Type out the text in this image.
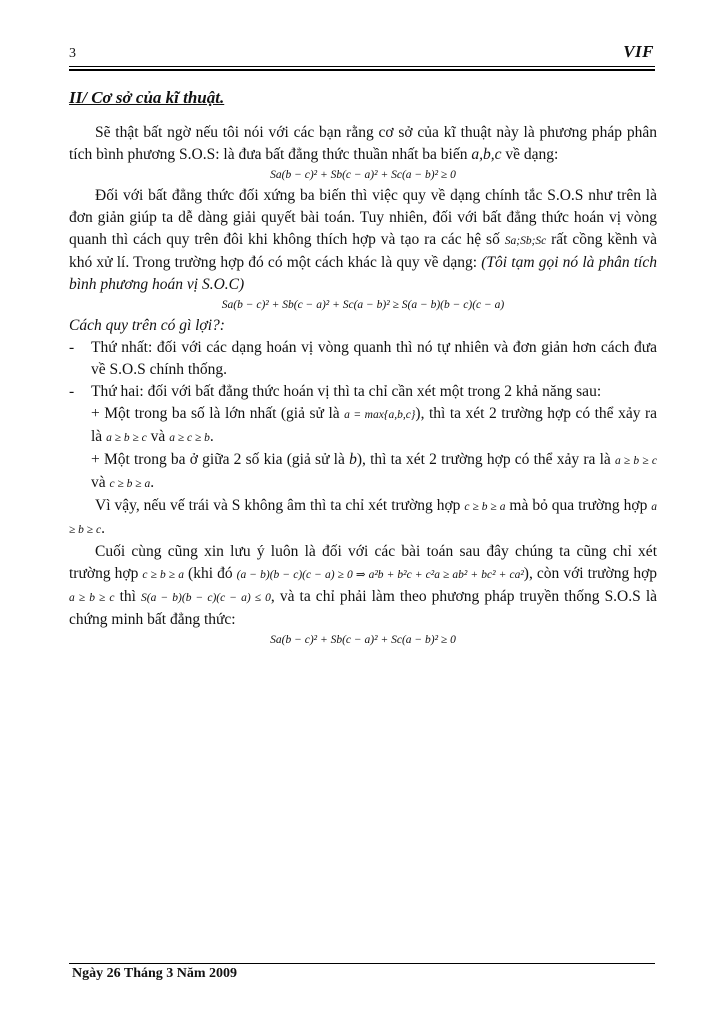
3	VIF
II/ Cơ sở của kĩ thuật.

Sẽ thật bất ngờ nếu tôi nói với các bạn rằng cơ sở của kĩ thuật này là phương pháp phân tích bình phương S.O.S: là đưa bất đẳng thức thuần nhất ba biến a,b,c về dạng:

Sa(b − c)² + Sb(c − a)² + Sc(a − b)² ≥ 0

Đối với bất đẳng thức đối xứng ba biến thì việc quy về dạng chính tắc S.O.S như trên là đơn giản giúp ta dễ dàng giải quyết bài toán. Tuy nhiên, đối với bất đẳng thức hoán vị vòng quanh thì cách quy trên đôi khi không thích hợp và tạo ra các hệ số Sa;Sb;Sc rất cồng kềnh và khó xử lí. Trong trường hợp đó có một cách khác là quy về dạng: (Tôi tạm gọi nó là phân tích bình phương hoán vị S.O.C)

Sa(b − c)² + Sb(c − a)² + Sc(a − b)² ≥ S(a − b)(b − c)(c − a)

Cách quy trên có gì lợi?:

-	Thứ nhất: đối với các dạng hoán vị vòng quanh thì nó tự nhiên và đơn giản hơn cách đưa về S.O.S chính thống.
-	Thứ hai: đối với bất đẳng thức hoán vị thì ta chỉ cần xét một trong 2 khả năng sau:

+ Một trong ba số là lớn nhất (giả sử là a = max{a,b,c}), thì ta xét 2 trường hợp có thể xảy ra là a ≥ b ≥ c và a ≥ c ≥ b.

+ Một trong ba ở giữa 2 số kia (giả sử là b), thì ta xét 2 trường hợp có thể xảy ra là a ≥ b ≥ c và c ≥ b ≥ a.

Vì vậy, nếu vế trái và S không âm thì ta chỉ xét trường hợp c ≥ b ≥ a mà bỏ qua trường hợp a ≥ b ≥ c.

Cuối cùng cũng xin lưu ý luôn là đối với các bài toán sau đây chúng ta cũng chỉ xét trường hợp c ≥ b ≥ a (khi đó (a − b)(b − c)(c − a) ≥ 0 ⇒ a²b + b²c + c²a ≥ ab² + bc² + ca²), còn với trường hợp a ≥ b ≥ c thì S(a − b)(b − c)(c − a) ≤ 0, và ta chỉ phải làm theo phương pháp truyền thống S.O.S là chứng minh bất đẳng thức:

Sa(b − c)² + Sb(c − a)² + Sc(a − b)² ≥ 0
Ngày 26 Tháng 3 Năm 2009
